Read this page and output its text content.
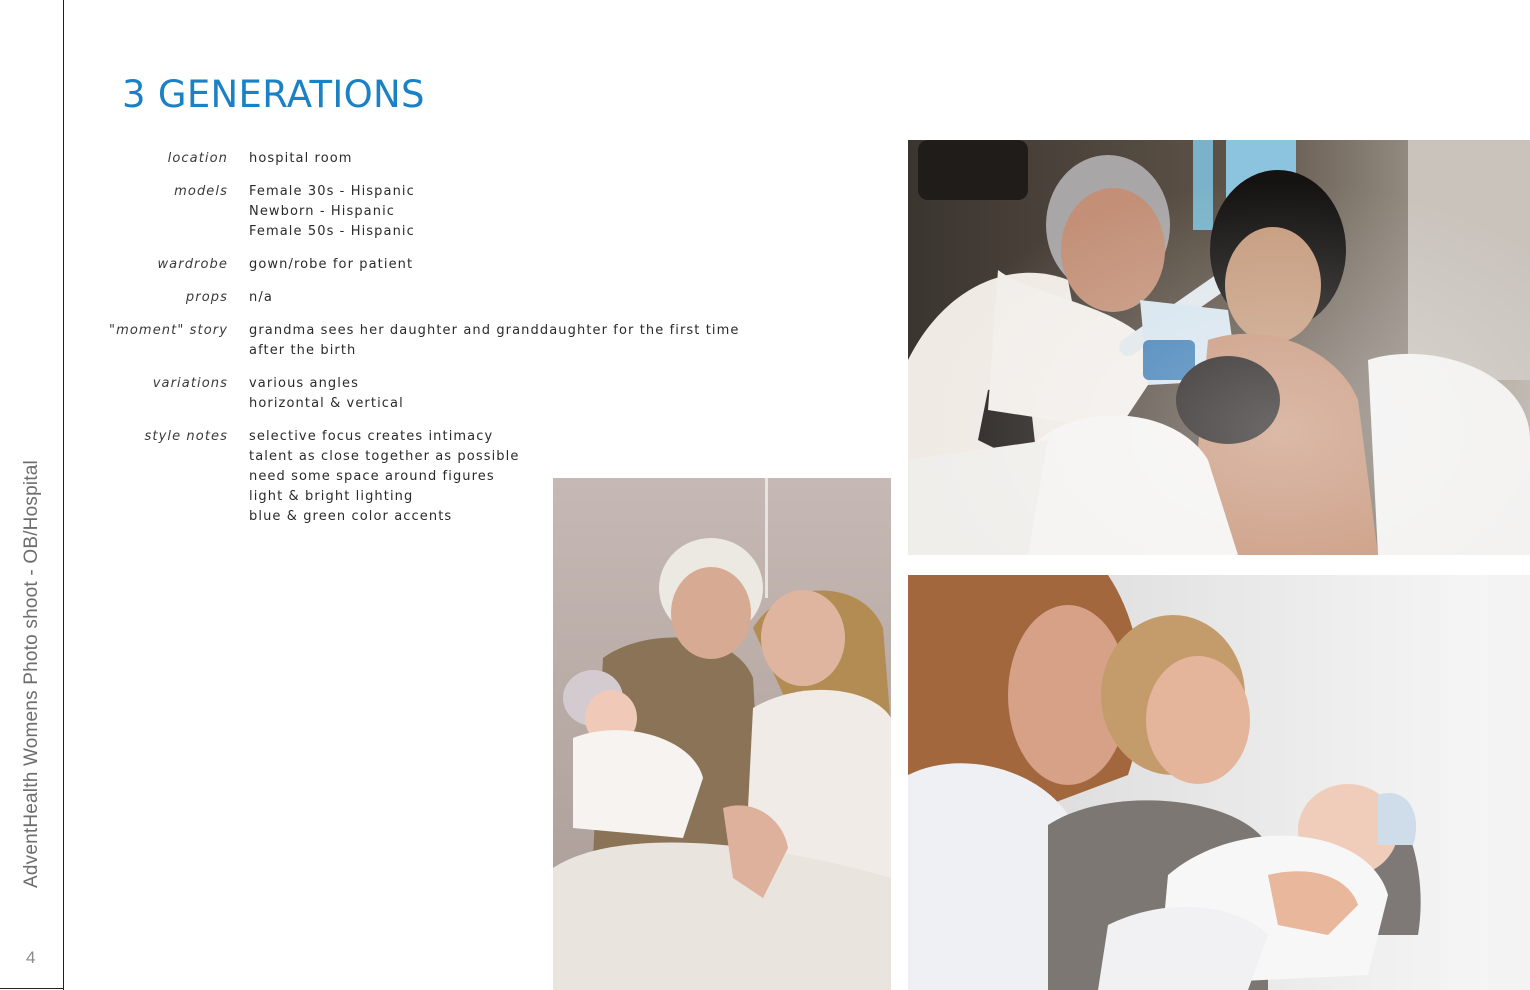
AdventHealth Womens Photo shoot - OB/Hospital
4
3 GENERATIONS
location hospital room
models Female 30s - Hispanic
Newborn - Hispanic
Female 50s - Hispanic
wardrobe gown/robe for patient
props n/a
"moment" story grandma sees her daughter and granddaughter for the first time
after the birth
variations various angles
horizontal & vertical
style notes selective focus creates intimacy
talent as close together as possible
need some space around figures
light & bright lighting
blue & green color accents
